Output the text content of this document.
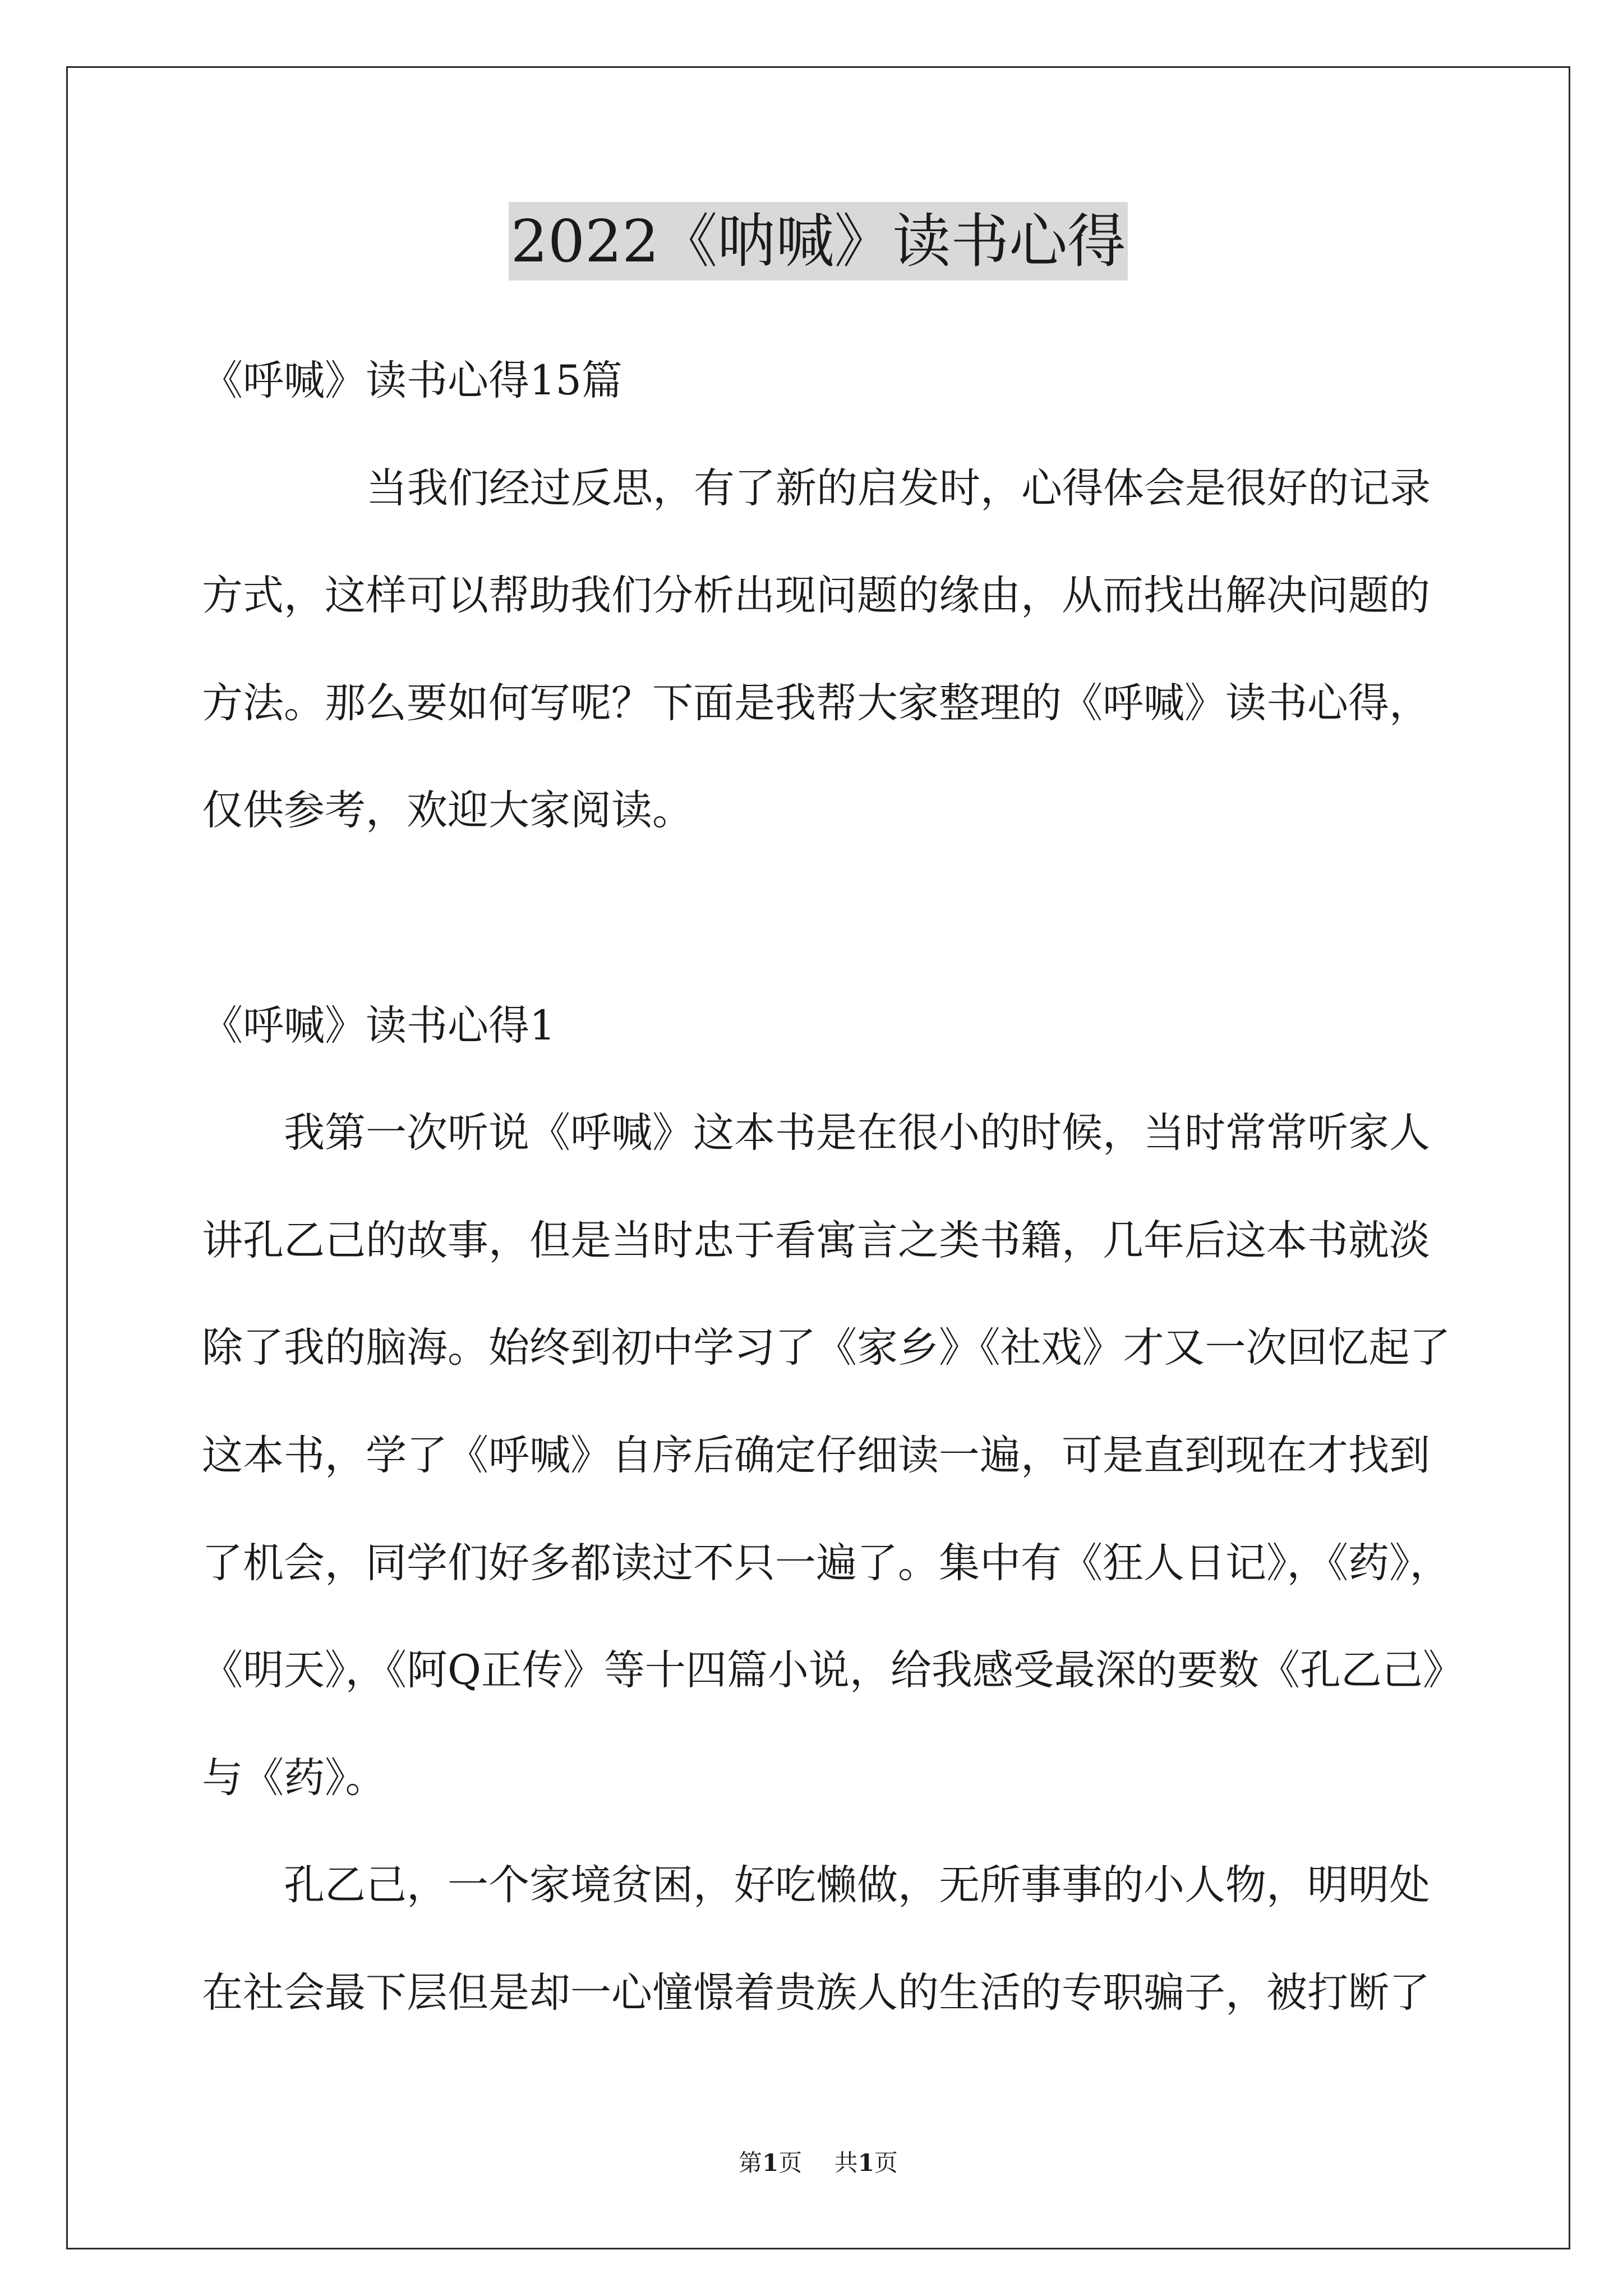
2022《呐喊》读书心得
《呼喊》读书心得15篇
当我们经过反思，有了新的启发时，心得体会是很好的记录
方式，这样可以帮助我们分析出现问题的缘由，从而找出解决问题的
方法。那么要如何写呢？下面是我帮大家整理的《呼喊》读书心得，
仅供参考，欢迎大家阅读。
《呼喊》读书心得1
我第一次听说《呼喊》这本书是在很小的时候，当时常常听家人
讲孔乙己的故事，但是当时忠于看寓言之类书籍，几年后这本书就淡
除了我的脑海。始终到初中学习了《家乡》《社戏》才又一次回忆起了
这本书，学了《呼喊》自序后确定仔细读一遍，可是直到现在才找到
了机会，同学们好多都读过不只一遍了。集中有《狂人日记》，《药》，
《明天》，《阿Q正传》等十四篇小说，给我感受最深的要数《孔乙己》
与《药》。
孔乙己，一个家境贫困，好吃懒做，无所事事的小人物，明明处
在社会最下层但是却一心憧憬着贵族人的生活的专职骗子，被打断了
第1页 共1页
